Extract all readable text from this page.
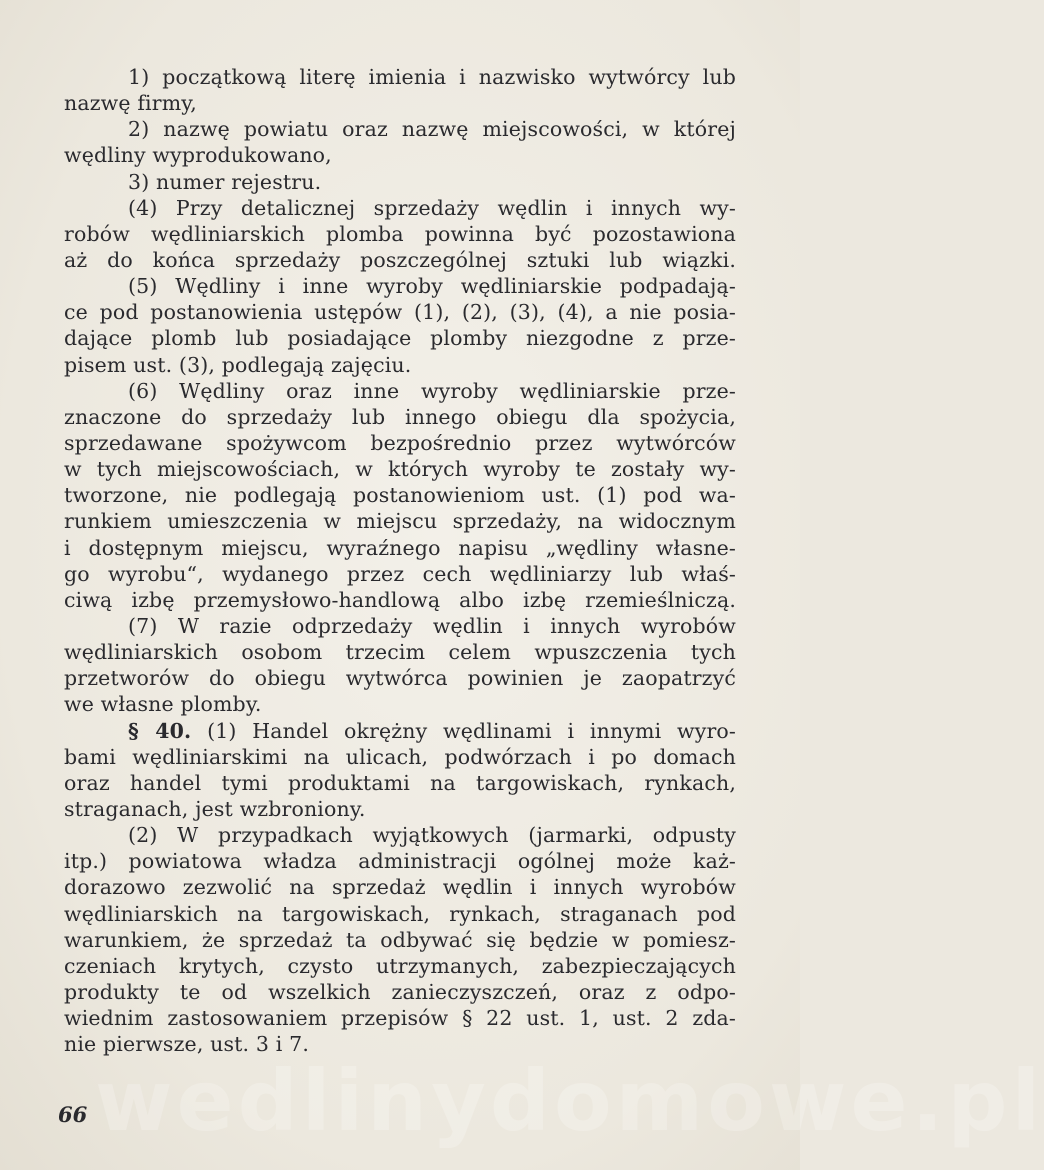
wedlinydomowe.pl
1) początkową literę imienia i nazwisko wytwórcy lub
nazwę firmy,
2) nazwę powiatu oraz nazwę miejscowości, w której
wędliny wyprodukowano,
3) numer rejestru.
(4) Przy detalicznej sprzedaży wędlin i innych wy-
robów wędliniarskich plomba powinna być pozostawiona
aż do końca sprzedaży poszczególnej sztuki lub wiązki.
(5) Wędliny i inne wyroby wędliniarskie podpadają-
ce pod postanowienia ustępów (1), (2), (3), (4), a nie posia-
dające plomb lub posiadające plomby niezgodne z prze-
pisem ust. (3), podlegają zajęciu.
(6) Wędliny oraz inne wyroby wędliniarskie prze-
znaczone do sprzedaży lub innego obiegu dla spożycia,
sprzedawane spożywcom bezpośrednio przez wytwórców
w tych miejscowościach, w których wyroby te zostały wy-
tworzone, nie podlegają postanowieniom ust. (1) pod wa-
runkiem umieszczenia w miejscu sprzedaży, na widocznym
i dostępnym miejscu, wyraźnego napisu „wędliny własne-
go wyrobu“, wydanego przez cech wędliniarzy lub właś-
ciwą izbę przemysłowo-handlową albo izbę rzemieślniczą.
(7) W razie odprzedaży wędlin i innych wyrobów
wędliniarskich osobom trzecim celem wpuszczenia tych
przetworów do obiegu wytwórca powinien je zaopatrzyć
we własne plomby.
§ 40. (1) Handel okrężny wędlinami i innymi wyro-
bami wędliniarskimi na ulicach, podwórzach i po domach
oraz handel tymi produktami na targowiskach, rynkach,
straganach, jest wzbroniony.
(2) W przypadkach wyjątkowych (jarmarki, odpusty
itp.) powiatowa władza administracji ogólnej może każ-
dorazowo zezwolić na sprzedaż wędlin i innych wyrobów
wędliniarskich na targowiskach, rynkach, straganach pod
warunkiem, że sprzedaż ta odbywać się będzie w pomiesz-
czeniach krytych, czysto utrzymanych, zabezpieczających
produkty te od wszelkich zanieczyszczeń, oraz z odpo-
wiednim zastosowaniem przepisów § 22 ust. 1, ust. 2 zda-
nie pierwsze, ust. 3 i 7.
66
